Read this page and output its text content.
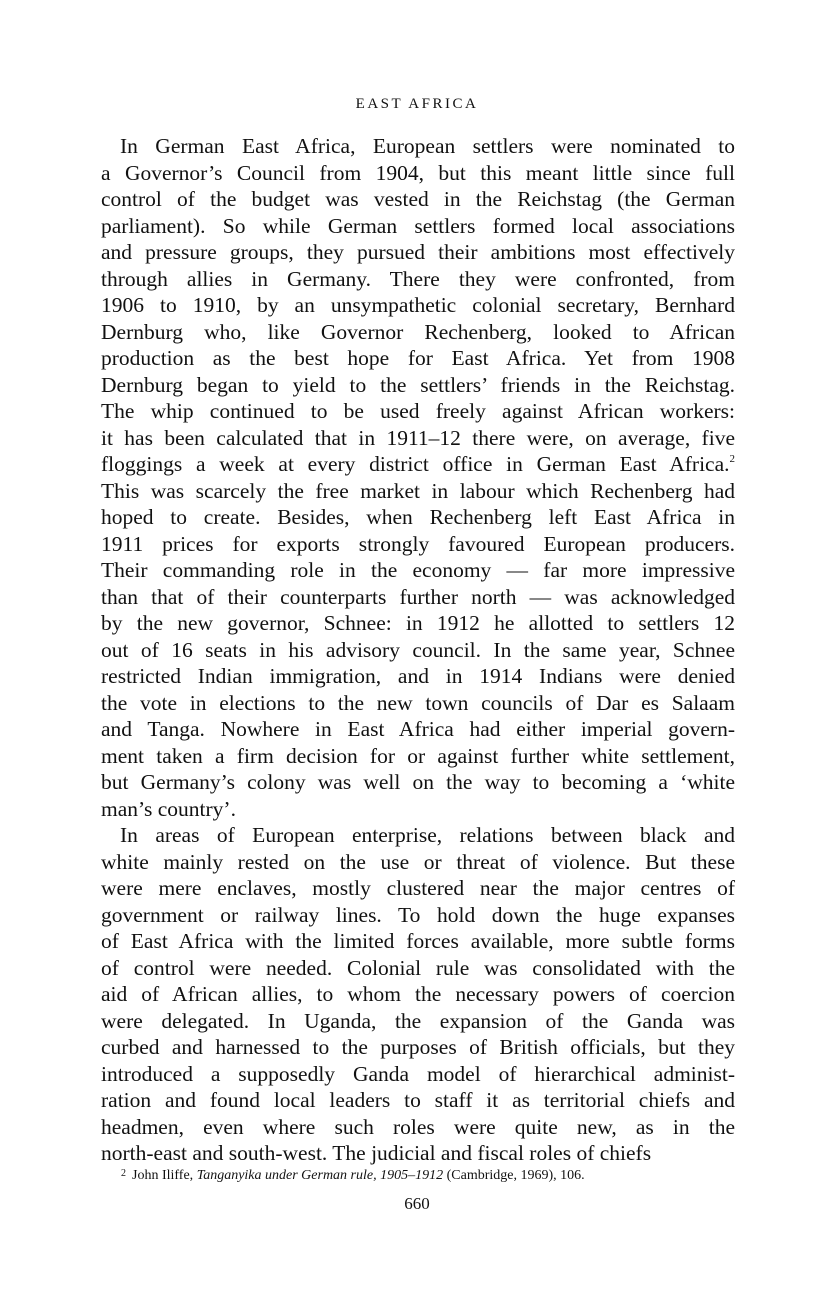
EAST AFRICA
In German East Africa, European settlers were nominated to
a Governor’s Council from 1904, but this meant little since full
control of the budget was vested in the Reichstag (the German
parliament). So while German settlers formed local associations
and pressure groups, they pursued their ambitions most effectively
through allies in Germany. There they were confronted, from
1906 to 1910, by an unsympathetic colonial secretary, Bernhard
Dernburg who, like Governor Rechenberg, looked to African
production as the best hope for East Africa. Yet from 1908
Dernburg began to yield to the settlers’ friends in the Reichstag.
The whip continued to be used freely against African workers:
it has been calculated that in 1911–12 there were, on average, five
floggings a week at every district office in German East Africa.$^2$
This was scarcely the free market in labour which Rechenberg had
hoped to create. Besides, when Rechenberg left East Africa in
1911 prices for exports strongly favoured European producers.
Their commanding role in the economy — far more impressive
than that of their counterparts further north — was acknowledged
by the new governor, Schnee: in 1912 he allotted to settlers 12
out of 16 seats in his advisory council. In the same year, Schnee
restricted Indian immigration, and in 1914 Indians were denied
the vote in elections to the new town councils of Dar es Salaam
and Tanga. Nowhere in East Africa had either imperial govern-
ment taken a firm decision for or against further white settlement,
but Germany’s colony was well on the way to becoming a ‘white
man’s country’.
In areas of European enterprise, relations between black and
white mainly rested on the use or threat of violence. But these
were mere enclaves, mostly clustered near the major centres of
government or railway lines. To hold down the huge expanses
of East Africa with the limited forces available, more subtle forms
of control were needed. Colonial rule was consolidated with the
aid of African allies, to whom the necessary powers of coercion
were delegated. In Uganda, the expansion of the Ganda was
curbed and harnessed to the purposes of British officials, but they
introduced a supposedly Ganda model of hierarchical administ-
ration and found local leaders to staff it as territorial chiefs and
headmen, even where such roles were quite new, as in the
north-east and south-west. The judicial and fiscal roles of chiefs
$^2$ John Iliffe, Tanganyika under German rule, 1905–1912 (Cambridge, 1969), 106.
660
